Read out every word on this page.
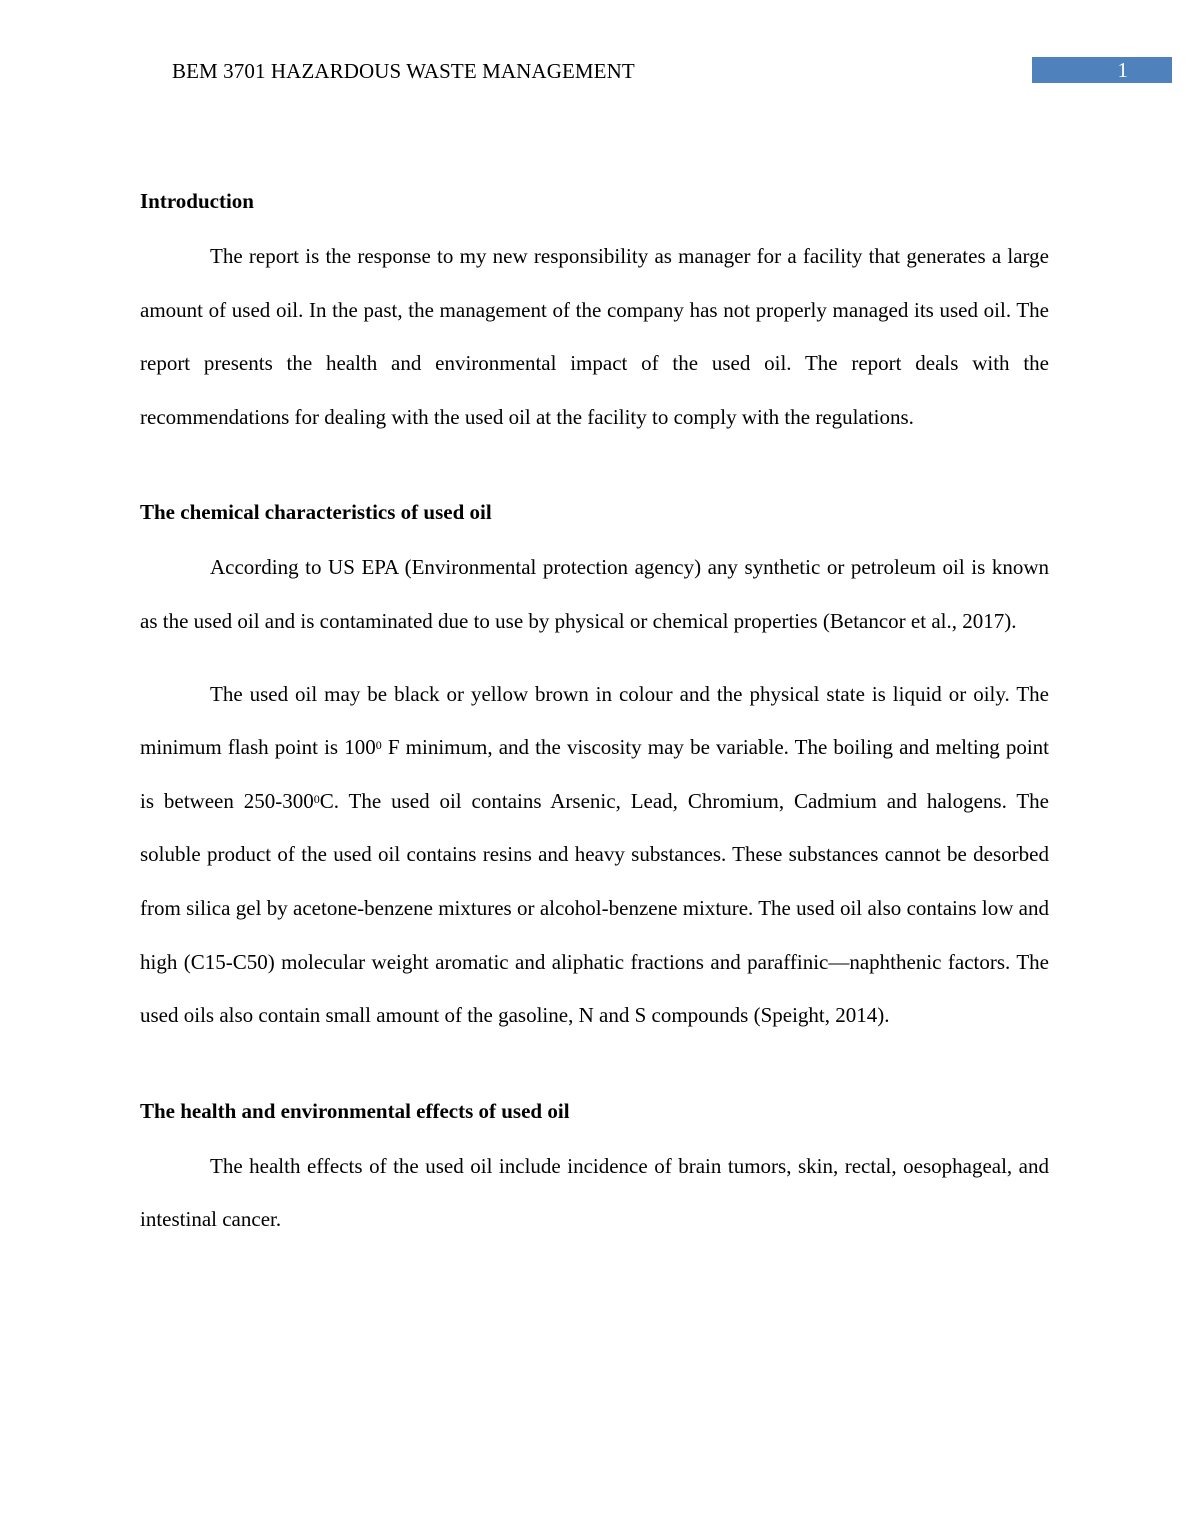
BEM 3701 HAZARDOUS WASTE MANAGEMENT	1
Introduction

The report is the response to my new responsibility as manager for a facility that generates a large amount of used oil. In the past, the management of the company has not properly managed its used oil. The report presents the health and environmental impact of the used oil. The report deals with the recommendations for dealing with the used oil at the facility to comply with the regulations.

The chemical characteristics of used oil

According to US EPA (Environmental protection agency) any synthetic or petroleum oil is known as the used oil and is contaminated due to use by physical or chemical properties (Betancor et al., 2017).

The used oil may be black or yellow brown in colour and the physical state is liquid or oily. The minimum flash point is $100^0$ F minimum, and the viscosity may be variable. The boiling and melting point is between $250-300^0C$. The used oil contains Arsenic, Lead, Chromium, Cadmium and halogens. The soluble product of the used oil contains resins and heavy substances. These substances cannot be desorbed from silica gel by acetone-benzene mixtures or alcohol-benzene mixture. The used oil also contains low and high (C15-C50) molecular weight aromatic and aliphatic fractions and paraffinic—naphthenic factors. The used oils also contain small amount of the gasoline, N and S compounds (Speight, 2014).

The health and environmental effects of used oil

The health effects of the used oil include incidence of brain tumors, skin, rectal, oesophageal, and intestinal cancer.
